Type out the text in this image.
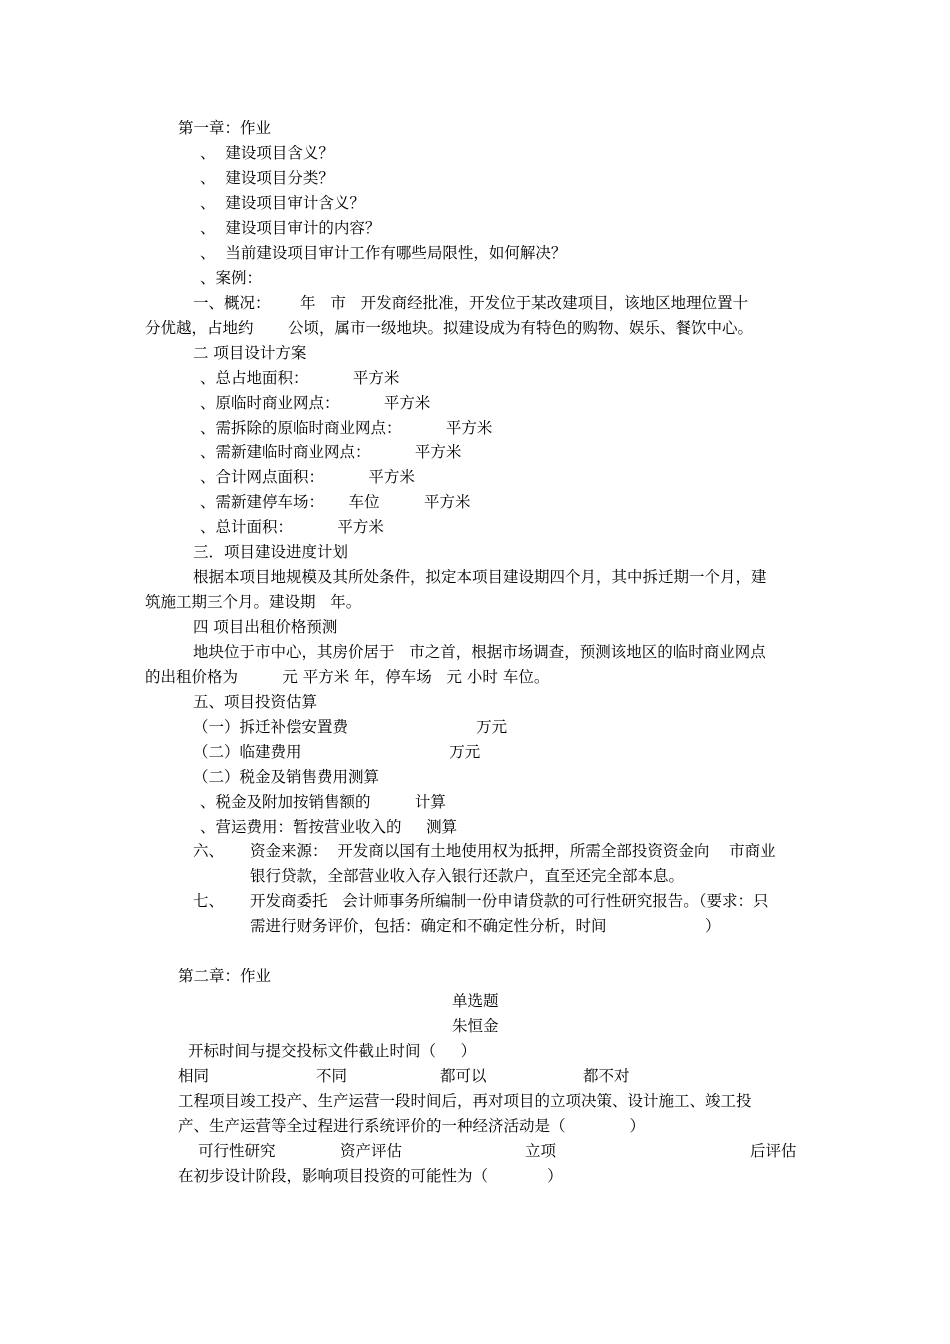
第一章：作业
、  建设项目含义？
、  建设项目分类？
、  建设项目审计含义？
、  建设项目审计的内容？
、  当前建设项目审计工作有哪些局限性，如何解决？
、案例：
一、概况：      年   市   开发商经批准，开发位于某改建项目，该地区地理位置十
分优越，占地约       公顷，属市一级地块。拟建设成为有特色的购物、娱乐、餐饮中心。
二 项目设计方案
、总占地面积：         平方米
、原临时商业网点：         平方米
、需拆除的原临时商业网点：         平方米
、需新建临时商业网点：         平方米
、合计网点面积：         平方米
、需新建停车场：     车位         平方米
、总计面积：         平方米
三．项目建设进度计划
根据本项目地规模及其所处条件，拟定本项目建设期四个月，其中拆迁期一个月，建
筑施工期三个月。建设期   年。
四 项目出租价格预测
地块位于市中心，其房价居于   市之首，根据市场调查，预测该地区的临时商业网点
的出租价格为         元 平方米 年，停车场   元 小时 车位。
五、项目投资估算
（一）拆迁补偿安置费                          万元
（二）临建费用                              万元
（二）税金及销售费用测算
、税金及附加按销售额的         计算
、营运费用：暂按营业收入的     测算
六、 资金来源：  开发商以国有土地使用权为抵押，所需全部投资资金向    市商业
银行贷款，全部营业收入存入银行还款户，直至还完全部本息。
七、 开发商委托   会计师事务所编制一份申请贷款的可行性研究报告。（要求：只
需进行财务评价，包括：确定和不确定性分析，时间                    ）
第二章：作业
单选题
朱恒金
开标时间与提交投标文件截止时间（     ）
相同	不同	都可以	都不对
工程项目竣工投产、生产运营一段时间后，再对项目的立项决策、设计施工、竣工投
产、生产运营等全过程进行系统评价的一种经济活动是（             ）
可行性研究	资产评估	立项	后评估
在初步设计阶段，影响项目投资的可能性为（            ）
